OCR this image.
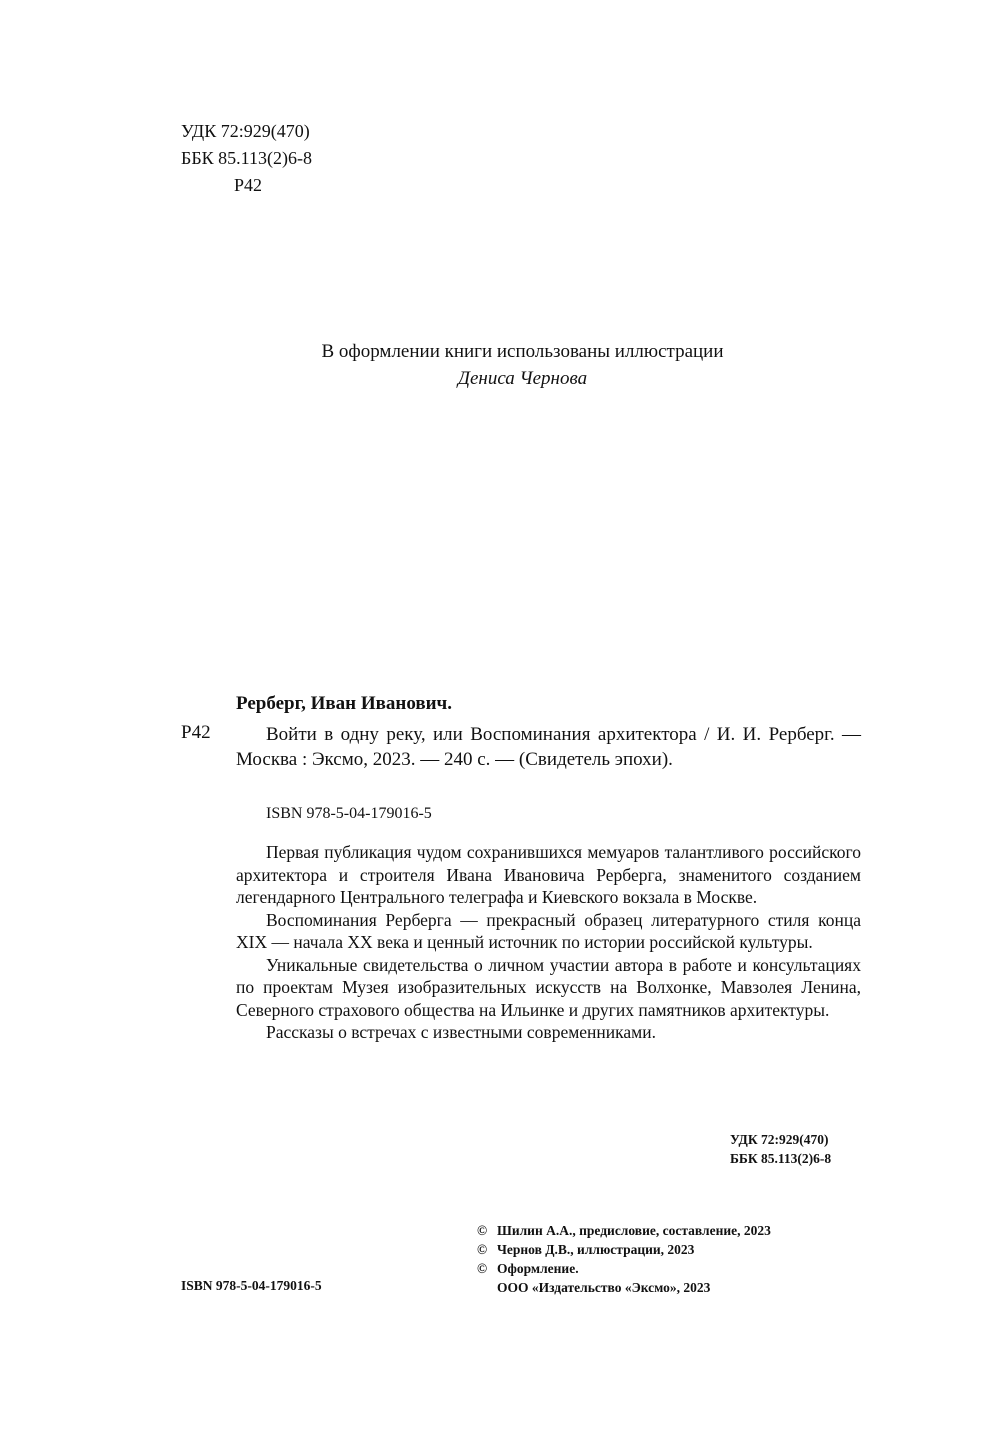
УДК 72:929(470)
ББК 85.113(2)6-8
Р42
В оформлении книги использованы иллюстрации
Дениса Чернова
Рерберг, Иван Иванович.
Р42	Войти в одну реку, или Воспоминания архитектора / И. И. Рерберг. — Москва : Эксмо, 2023. — 240 с. — (Свидетель эпохи).
ISBN 978-5-04-179016-5

Первая публикация чудом сохранившихся мемуаров талантливого российского архитектора и строителя Ивана Ивановича Рерберга, знаменитого созданием легендарного Центрального телеграфа и Киевского вокзала в Москве.

Воспоминания Рерберга — прекрасный образец литературного стиля конца XIX — начала XX века и ценный источник по истории российской культуры.

Уникальные свидетельства о личном участии автора в работе и консультациях по проектам Музея изобразительных искусств на Волхонке, Мавзолея Ленина, Северного страхового общества на Ильинке и других памятников архитектуры.

Рассказы о встречах с известными современниками.

УДК 72:929(470)
ББК 85.113(2)6-8
© Шилин А.А., предисловие, составление, 2023
© Чернов Д.В., иллюстрации, 2023
© Оформление.
ООО «Издательство «Эксмо», 2023
ISBN 978-5-04-179016-5
